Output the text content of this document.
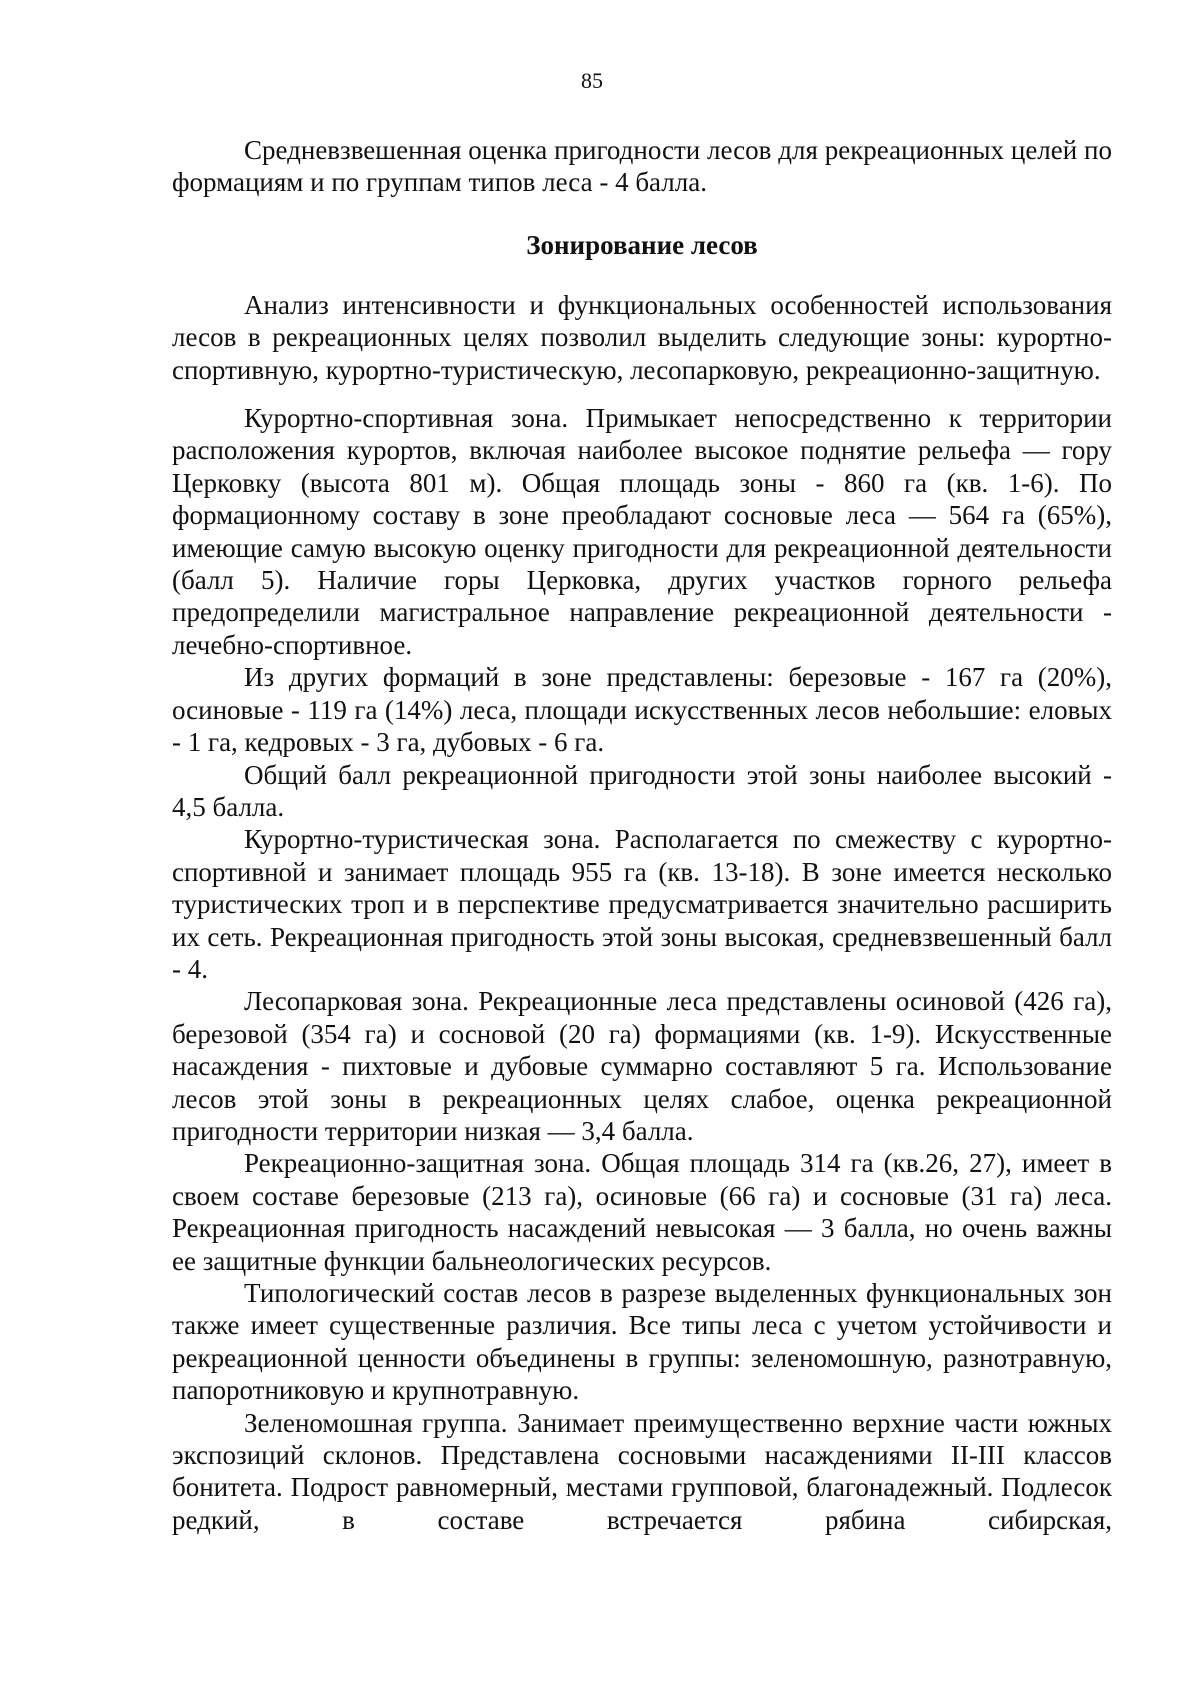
85

Средневзвешенная оценка пригодности лесов для рекреационных целей по формациям и по группам типов леса - 4 балла.

Зонирование лесов

Анализ интенсивности и функциональных особенностей использования лесов в рекреационных целях позволил выделить следующие зоны: курортно-спортивную, курортно-туристическую, лесопарковую, рекреационно-защитную.

Курортно-спортивная зона. Примыкает непосредственно к территории расположения курортов, включая наиболее высокое поднятие рельефа — гору Церковку (высота 801 м). Общая площадь зоны - 860 га (кв. 1-6). По формационному составу в зоне преобладают сосновые леса — 564 га (65%), имеющие самую высокую оценку пригодности для рекреационной деятельности (балл 5). Наличие горы Церковка, других участков горного рельефа предопределили магистральное направление рекреационной деятельности - лечебно-спортивное.

Из других формаций в зоне представлены: березовые - 167 га (20%), осиновые - 119 га (14%) леса, площади искусственных лесов небольшие: еловых - 1 га, кедровых - 3 га, дубовых - 6 га.

Общий балл рекреационной пригодности этой зоны наиболее высокий - 4,5 балла.

Курортно-туристическая зона. Располагается по смежеству с курортно-спортивной и занимает площадь 955 га (кв. 13-18). В зоне имеется несколько туристических троп и в перспективе предусматривается значительно расширить их сеть. Рекреационная пригодность этой зоны высокая, средневзвешенный балл - 4.

Лесопарковая зона. Рекреационные леса представлены осиновой (426 га), березовой (354 га) и сосновой (20 га) формациями (кв. 1-9). Искусственные насаждения - пихтовые и дубовые суммарно составляют 5 га. Использование лесов этой зоны в рекреационных целях слабое, оценка рекреационной пригодности территории низкая — 3,4 балла.

Рекреационно-защитная зона. Общая площадь 314 га (кв.26, 27), имеет в своем составе березовые (213 га), осиновые (66 га) и сосновые (31 га) леса. Рекреационная пригодность насаждений невысокая — 3 балла, но очень важны ее защитные функции бальнеологических ресурсов.

Типологический состав лесов в разрезе выделенных функциональных зон также имеет существенные различия. Все типы леса с учетом устойчивости и рекреационной ценности объединены в группы: зеленомошную, разнотравную, папоротниковую и крупнотравную.

Зеленомошная группа. Занимает преимущественно верхние части южных экспозиций склонов. Представлена сосновыми насаждениями II-III классов бонитета. Подрост равномерный, местами групповой, благонадежный. Подлесок редкий, в составе встречается рябина сибирская,
